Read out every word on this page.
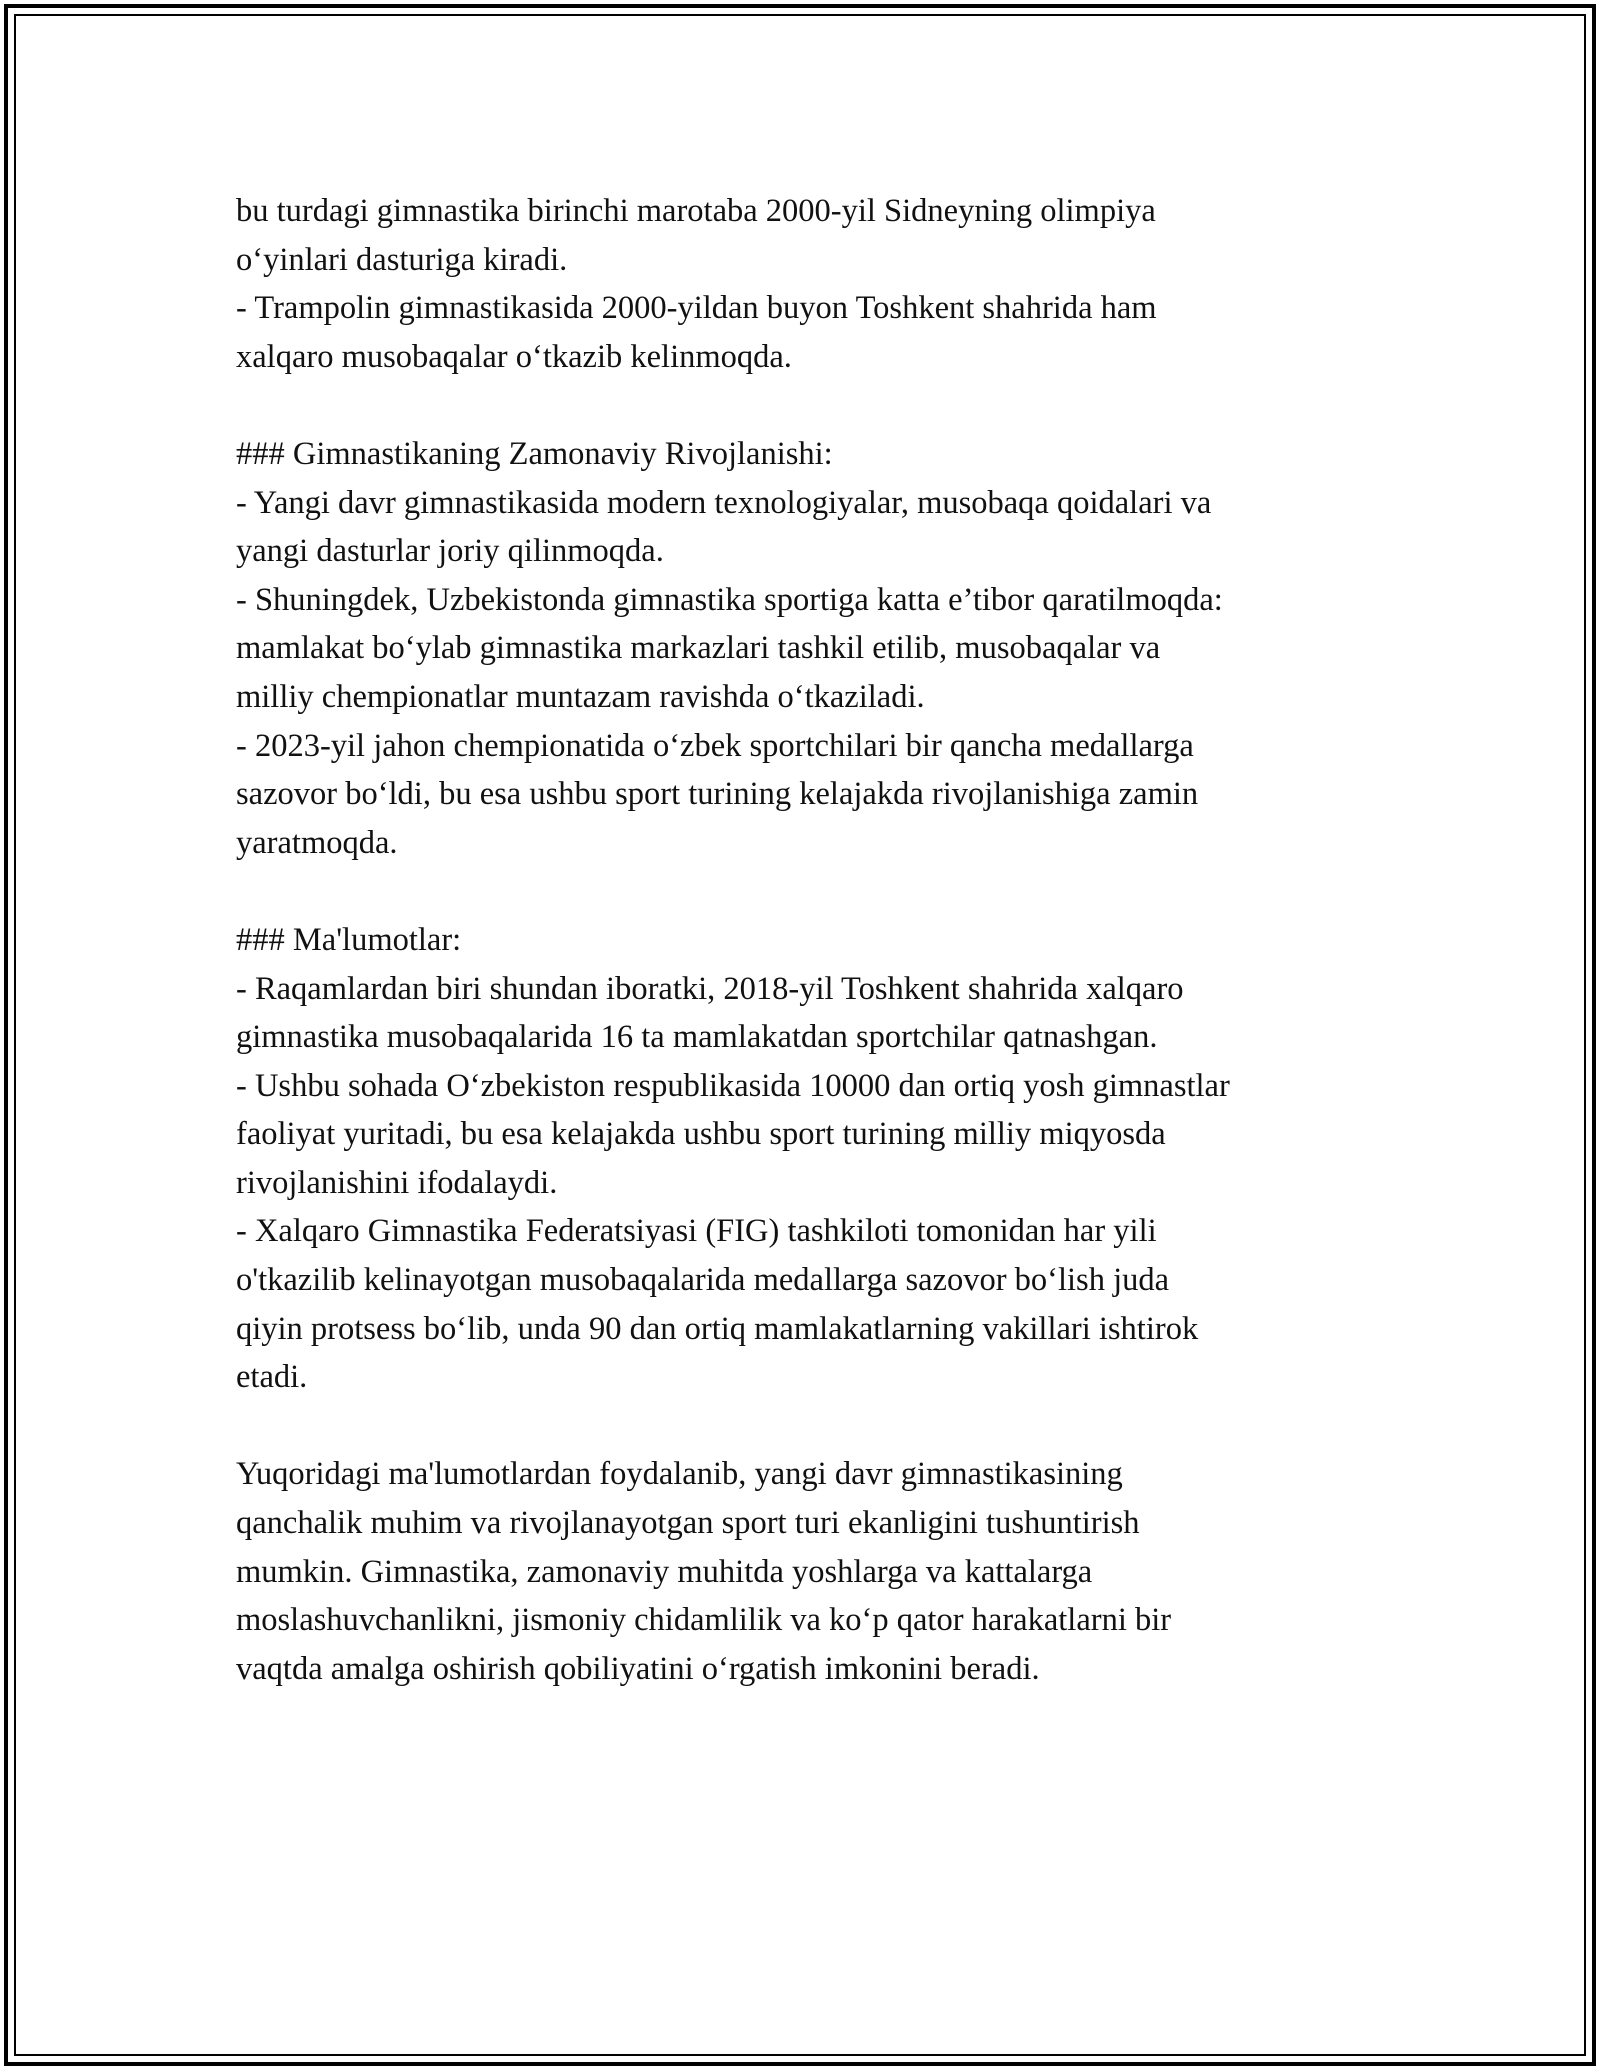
bu turdagi gimnastika birinchi marotaba 2000-yil Sidneyning olimpiya
o‘yinlari dasturiga kiradi.
- Trampolin gimnastikasida 2000-yildan buyon Toshkent shahrida ham
xalqaro musobaqalar o‘tkazib kelinmoqda.
### Gimnastikaning Zamonaviy Rivojlanishi:
- Yangi davr gimnastikasida modern texnologiyalar, musobaqa qoidalari va
yangi dasturlar joriy qilinmoqda.
- Shuningdek, Uzbekistonda gimnastika sportiga katta e’tibor qaratilmoqda:
mamlakat bo‘ylab gimnastika markazlari tashkil etilib, musobaqalar va
milliy chempionatlar muntazam ravishda o‘tkaziladi.
- 2023-yil jahon chempionatida o‘zbek sportchilari bir qancha medallarga
sazovor bo‘ldi, bu esa ushbu sport turining kelajakda rivojlanishiga zamin
yaratmoqda.
### Ma'lumotlar:
- Raqamlardan biri shundan iboratki, 2018-yil Toshkent shahrida xalqaro
gimnastika musobaqalarida 16 ta mamlakatdan sportchilar qatnashgan.
- Ushbu sohada O‘zbekiston respublikasida 10000 dan ortiq yosh gimnastlar
faoliyat yuritadi, bu esa kelajakda ushbu sport turining milliy miqyosda
rivojlanishini ifodalaydi.
- Xalqaro Gimnastika Federatsiyasi (FIG) tashkiloti tomonidan har yili
o'tkazilib kelinayotgan musobaqalarida medallarga sazovor bo‘lish juda
qiyin protsess bo‘lib, unda 90 dan ortiq mamlakatlarning vakillari ishtirok
etadi.
Yuqoridagi ma'lumotlardan foydalanib, yangi davr gimnastikasining
qanchalik muhim va rivojlanayotgan sport turi ekanligini tushuntirish
mumkin. Gimnastika, zamonaviy muhitda yoshlarga va kattalarga
moslashuvchanlikni, jismoniy chidamlilik va ko‘p qator harakatlarni bir
vaqtda amalga oshirish qobiliyatini o‘rgatish imkonini beradi.
